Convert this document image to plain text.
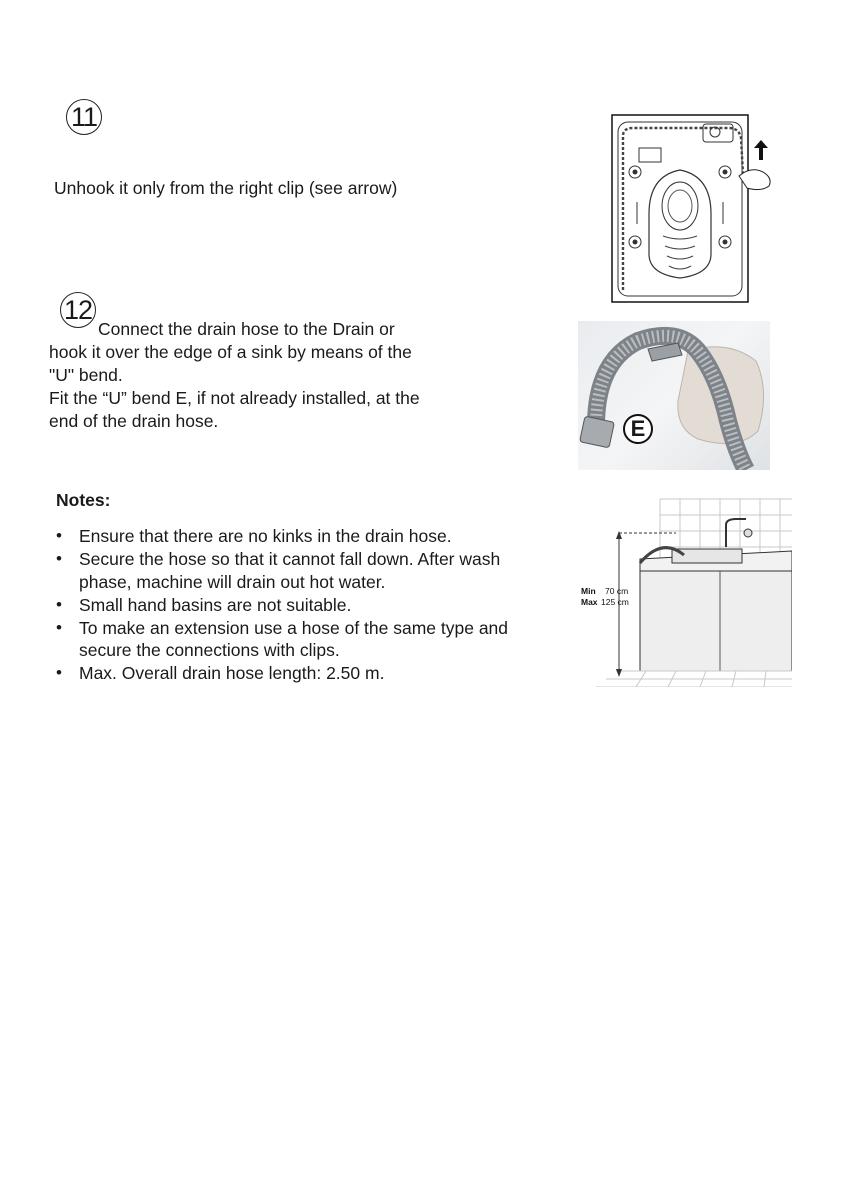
11
Unhook it only from the right clip (see arrow)
12
Connect the drain hose to the Drain or
hook it over the edge of a sink by means of the
"U" bend.
Fit the “U” bend E, if not already installed, at the
end of the drain hose.	E
Notes:
• Ensure that there are no kinks in the drain hose.
• Secure the hose so that it cannot fall down. After wash
phase, machine will drain out hot water.
• Small hand basins are not suitable.
• To make an extension use a hose of the same type and
secure the connections with clips.
• Max. Overall drain hose length: 2.50 m.
Min 70 cm
Max 125 cm
